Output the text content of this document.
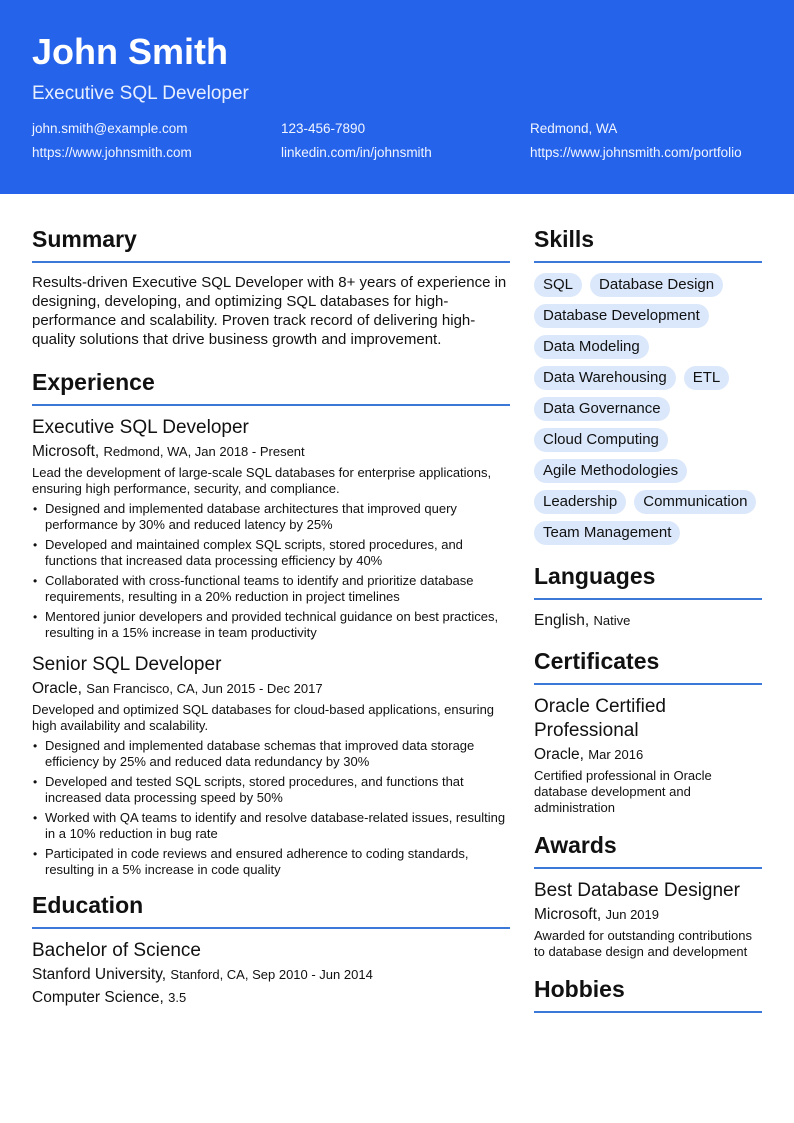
John Smith
Executive SQL Developer
john.smith@example.com	123-456-7890	Redmond, WA
https://www.johnsmith.com	linkedin.com/in/johnsmith	https://www.johnsmith.com/portfolio
Summary

Results-driven Executive SQL Developer with 8+ years of experience in designing, developing, and optimizing SQL databases for high-performance and scalability. Proven track record of delivering high-quality solutions that drive business growth and improvement.

Experience
Executive SQL Developer
Microsoft, Redmond, WA, Jan 2018 - Present
Lead the development of large-scale SQL databases for enterprise applications, ensuring high performance, security, and compliance.
• Designed and implemented database architectures that improved query performance by 30% and reduced latency by 25%
• Developed and maintained complex SQL scripts, stored procedures, and functions that increased data processing efficiency by 40%
• Collaborated with cross-functional teams to identify and prioritize database requirements, resulting in a 20% reduction in project timelines
• Mentored junior developers and provided technical guidance on best practices, resulting in a 15% increase in team productivity
Senior SQL Developer
Oracle, San Francisco, CA, Jun 2015 - Dec 2017
Developed and optimized SQL databases for cloud-based applications, ensuring high availability and scalability.
• Designed and implemented database schemas that improved data storage efficiency by 25% and reduced data redundancy by 30%
• Developed and tested SQL scripts, stored procedures, and functions that increased data processing speed by 50%
• Worked with QA teams to identify and resolve database-related issues, resulting in a 10% reduction in bug rate
• Participated in code reviews and ensured adherence to coding standards, resulting in a 5% increase in code quality
Education
Bachelor of Science
Stanford University, Stanford, CA, Sep 2010 - Jun 2014
Computer Science, 3.5
Skills
SQL	Database Design
Database Development
Data Modeling
Data Warehousing	ETL
Data Governance
Cloud Computing
Agile Methodologies
Leadership	Communication
Team Management
Languages
English, Native
Certificates
Oracle Certified Professional
Oracle, Mar 2016
Certified professional in Oracle database development and administration
Awards
Best Database Designer
Microsoft, Jun 2019
Awarded for outstanding contributions to database design and development
Hobbies
